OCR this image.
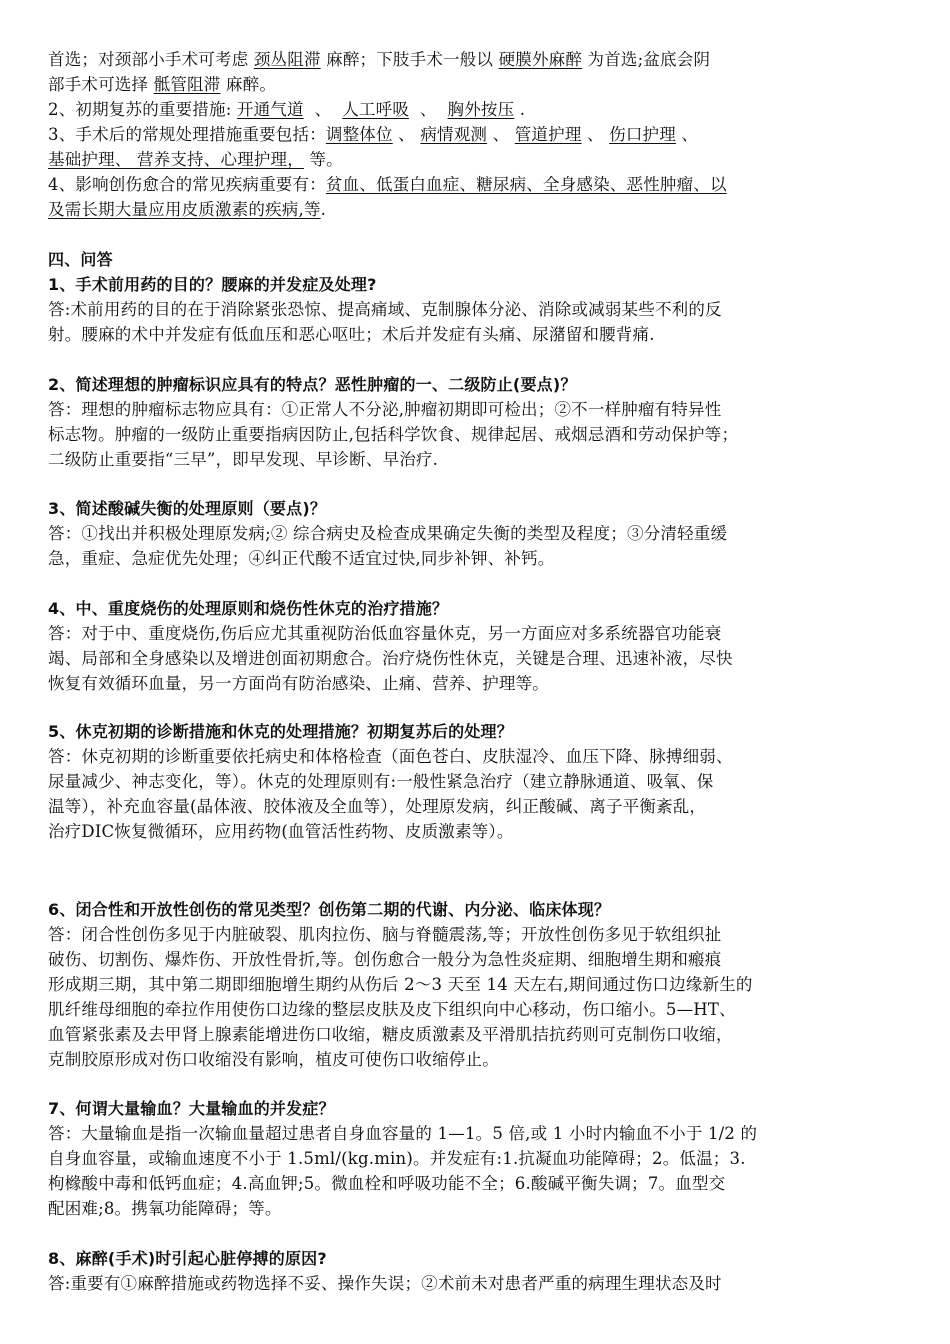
首选；对颈部小手术可考虑 颈丛阻滞 麻醉；下肢手术一般以 硬膜外麻醉 为首选;盆底会阴
部手术可选择 骶管阻滞 麻醉。
2、初期复苏的重要措施: 开通气道  、  人工呼吸  、  胸外按压 .
3、手术后的常规处理措施重要包括：调整体位 、 病情观测 、 管道护理 、 伤口护理 、
基础护理、 营养支持、心理护理， 等。
4、影响创伤愈合的常见疾病重要有：贫血、低蛋白血症、糖尿病、全身感染、恶性肿瘤、以
及需长期大量应用皮质激素的疾病,等.
四、问答
1、手术前用药的目的？腰麻的并发症及处理?
答:术前用药的目的在于消除紧张恐惊、提高痛域、克制腺体分泌、消除或减弱某些不利的反
射。腰麻的术中并发症有低血压和恶心呕吐；术后并发症有头痛、尿潴留和腰背痛.
2、简述理想的肿瘤标识应具有的特点？恶性肿瘤的一、二级防止(要点)？
答：理想的肿瘤标志物应具有：①正常人不分泌,肿瘤初期即可检出；②不一样肿瘤有特异性
标志物。肿瘤的一级防止重要指病因防止,包括科学饮食、规律起居、戒烟忌酒和劳动保护等；
二级防止重要指“三早”，即早发现、早诊断、早治疗.
3、简述酸碱失衡的处理原则（要点)？
答：①找出并积极处理原发病;② 综合病史及检查成果确定失衡的类型及程度；③分清轻重缓
急，重症、急症优先处理；④纠正代酸不适宜过快,同步补钾、补钙。
4、中、重度烧伤的处理原则和烧伤性休克的治疗措施？
答：对于中、重度烧伤,伤后应尤其重视防治低血容量休克，另一方面应对多系统器官功能衰
竭、局部和全身感染以及增进创面初期愈合。治疗烧伤性休克，关键是合理、迅速补液，尽快
恢复有效循环血量，另一方面尚有防治感染、止痛、营养、护理等。
5、休克初期的诊断措施和休克的处理措施？初期复苏后的处理？
答：休克初期的诊断重要依托病史和体格检查（面色苍白、皮肤湿冷、血压下降、脉搏细弱、
尿量减少、神志变化，等）。休克的处理原则有:一般性紧急治疗（建立静脉通道、吸氧、保
温等），补充血容量(晶体液、胶体液及全血等），处理原发病，纠正酸碱、离子平衡紊乱，
治疗DIC恢复微循环，应用药物(血管活性药物、皮质激素等）。
6、闭合性和开放性创伤的常见类型？创伤第二期的代谢、内分泌、临床体现？
答：闭合性创伤多见于内脏破裂、肌肉拉伤、脑与脊髓震荡,等；开放性创伤多见于软组织扯
破伤、切割伤、爆炸伤、开放性骨折,等。创伤愈合一般分为急性炎症期、细胞增生期和瘢痕
形成期三期，其中第二期即细胞增生期约从伤后 2～3 天至 14 天左右,期间通过伤口边缘新生的
肌纤维母细胞的牵拉作用使伤口边缘的整层皮肤及皮下组织向中心移动，伤口缩小。5—HT、
血管紧张素及去甲肾上腺素能增进伤口收缩，糖皮质激素及平滑肌拮抗药则可克制伤口收缩，
克制胶原形成对伤口收缩没有影响，植皮可使伤口收缩停止。
7、何谓大量输血？大量输血的并发症？
答：大量输血是指一次输血量超过患者自身血容量的 1—1。5 倍,或 1 小时内输血不小于 1/2 的
自身血容量，或输血速度不小于 1.5ml/(kg.min)。并发症有:1.抗凝血功能障碍；2。低温；3.
枸橼酸中毒和低钙血症；4.高血钾;5。微血栓和呼吸功能不全；6.酸碱平衡失调；7。血型交
配困难;8。携氧功能障碍；等。
8、麻醉(手术)时引起心脏停搏的原因?
答:重要有①麻醉措施或药物选择不妥、操作失误；②术前未对患者严重的病理生理状态及时
